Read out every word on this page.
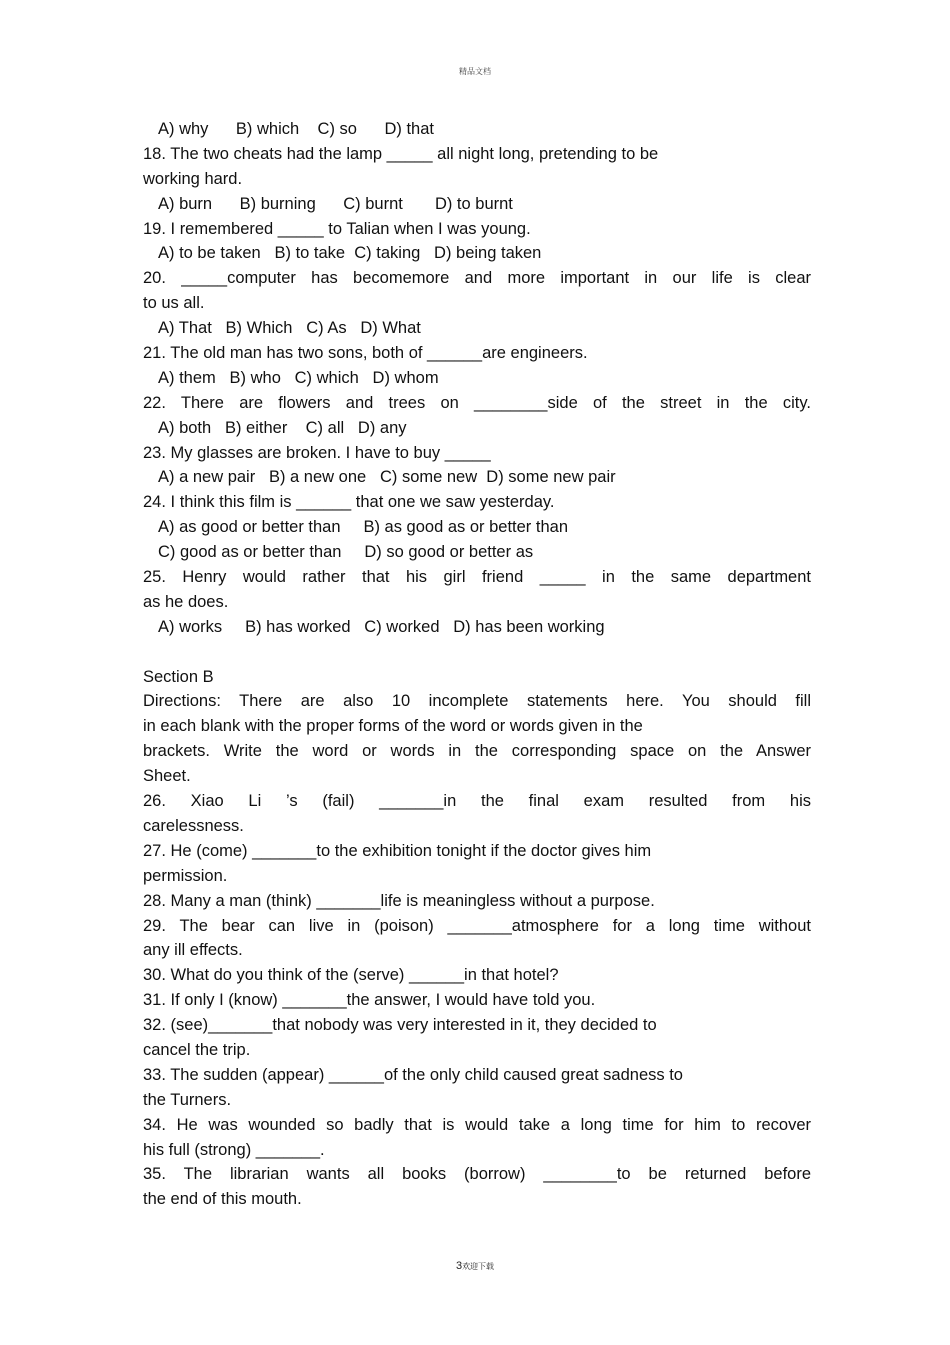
精品文档
A) why      B) which    C) so      D) that
18. The two cheats had the lamp _____ all night long, pretending to be
working hard.
A) burn      B) burning      C) burnt       D) to burnt
19. I remembered _____ to Talian when I was young.
A) to be taken   B) to take  C) taking   D) being taken
20. _____computer has becomemore and more important in our life is clear
to us all.
A) That   B) Which   C) As   D) What
21. The old man has two sons, both of ______are engineers.
A) them   B) who   C) which   D) whom
22. There are flowers and trees on ________side of the street in the city.
A) both   B) either    C) all   D) any
23. My glasses are broken. I have to buy _____
A) a new pair   B) a new one   C) some new  D) some new pair
24. I think this film is ______ that one we saw yesterday.
A) as good or better than     B) as good as or better than
C) good as or better than     D) so good or better as
25. Henry would rather that his girl friend _____ in the same department
as he does.
A) works     B) has worked   C) worked   D) has been working
Section B
Directions: There are also 10 incomplete statements here. You should fill
in each blank with the proper forms of the word or words given in the
brackets. Write the word or words in the corresponding space on the Answer
Sheet.
26. Xiao Li ’s (fail) _______in the final exam resulted from his
carelessness.
27. He (come) _______to the exhibition tonight if the doctor gives him
permission.
28. Many a man (think) _______life is meaningless without a purpose.
29. The bear can live in (poison) _______atmosphere for a long time without
any ill effects.
30. What do you think of the (serve) ______in that hotel?
31. If only I (know) _______the answer, I would have told you.
32. (see)_______that nobody was very interested in it, they decided to
cancel the trip.
33. The sudden (appear) ______of the only child caused great sadness to
the Turners.
34. He was wounded so badly that is would take a long time for him to recover
his full (strong) _______.
35. The librarian wants all books (borrow) ________to be returned before
the end of this mouth.
3欢迎下载
